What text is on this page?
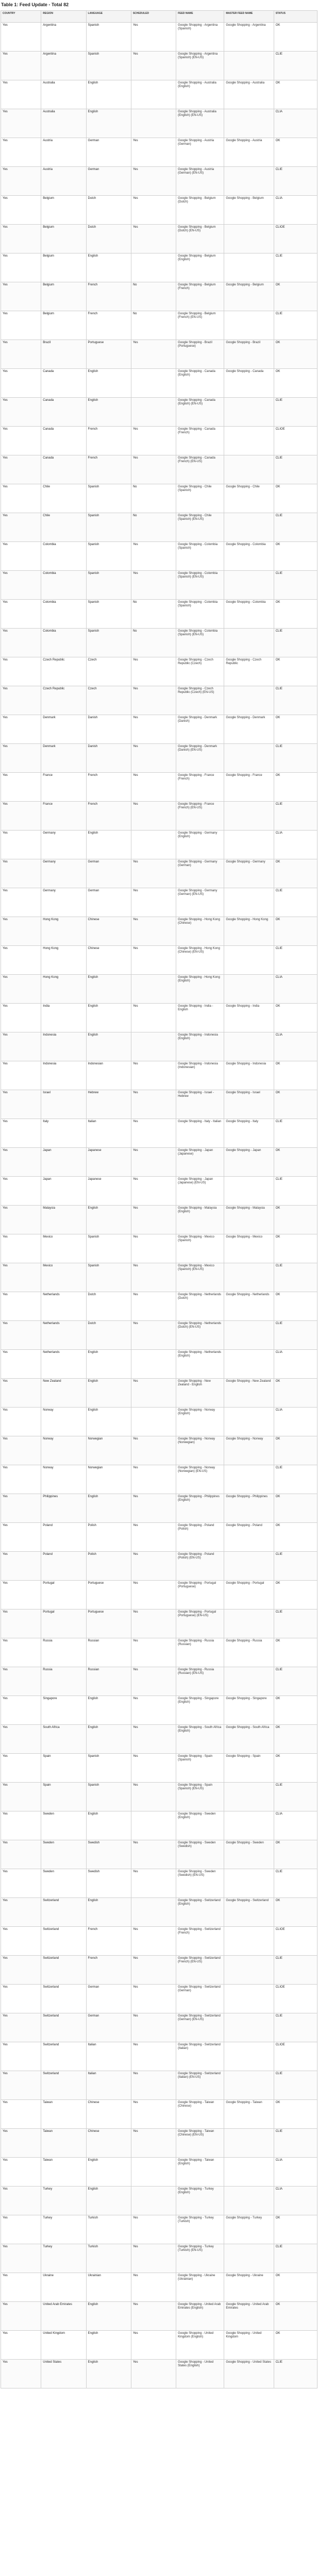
Table 1: Feed Update - Total 82
COUNTRY	REGION	LANGUAGE	SCHEDULED	FEED NAME	MASTER FEED NAME	STATUS
Yes	Argentina	Spanish	Yes	Google Shopping - Argentina (Spanish)	Google Shopping - Argentina	OK
Yes	Argentina	Spanish	Yes	Google Shopping - Argentina (Spanish) (EN-US)		CLIE
Yes	Australia	English		Google Shopping - Australia (English)	Google Shopping - Australia	OK
Yes	Australia	English		Google Shopping - Australia (English) (EN-US)		CLIA
Yes	Austria	German	Yes	Google Shopping - Austria (German)	Google Shopping - Austria	OK
Yes	Austria	German	Yes	Google Shopping - Austria (German) (EN-US)		CLIE
Yes	Belgium	Dutch	Yes	Google Shopping - Belgium (Dutch)	Google Shopping - Belgium	CLIA
Yes	Belgium	Dutch	Yes	Google Shopping - Belgium (Dutch) (EN-US)		CLIOE
Yes	Belgium	English		Google Shopping - Belgium (English)		CLIE
Yes	Belgium	French	No	Google Shopping - Belgium (French)	Google Shopping - Belgium	OK
Yes	Belgium	French	No	Google Shopping - Belgium (French) (EN-US)		CLIE
Yes	Brazil	Portuguese	Yes	Google Shopping - Brazil (Portuguese)	Google Shopping - Brazil	OK
Yes	Canada	English		Google Shopping - Canada (English)	Google Shopping - Canada	OK
Yes	Canada	English		Google Shopping - Canada (English) (EN-US)		CLIE
Yes	Canada	French	Yes	Google Shopping - Canada (French)		CLIOE
Yes	Canada	French	Yes	Google Shopping - Canada (French) (EN-US)		CLIE
Yes	Chile	Spanish	No	Google Shopping - Chile (Spanish)	Google Shopping - Chile	OK
Yes	Chile	Spanish	No	Google Shopping - Chile (Spanish) (EN-US)		CLIE
Yes	Colombia	Spanish	Yes	Google Shopping - Colombia (Spanish)	Google Shopping - Colombia	OK
Yes	Colombia	Spanish	Yes	Google Shopping - Colombia (Spanish) (EN-US)		CLIE
Yes	Colombia	Spanish	No	Google Shopping - Colombia (Spanish)	Google Shopping - Colombia	OK
Yes	Colombia	Spanish	No	Google Shopping - Colombia (Spanish) (EN-US)		CLIE
Yes	Czech Republic	Czech	Yes	Google Shopping - Czech Republic (Czech)	Google Shopping - Czech Republic	OK
Yes	Czech Republic	Czech	Yes	Google Shopping - Czech Republic (Czech) (EN-US)		CLIE
Yes	Denmark	Danish	Yes	Google Shopping - Denmark (Danish)	Google Shopping - Denmark	OK
Yes	Denmark	Danish	Yes	Google Shopping - Denmark (Danish) (EN-US)		CLIE
Yes	France	French	Yes	Google Shopping - France (French)	Google Shopping - France	OK
Yes	France	French	Yes	Google Shopping - France (French) (EN-US)		CLIE
Yes	Germany	English		Google Shopping - Germany (English)		CLIA
Yes	Germany	German	Yes	Google Shopping - Germany (German)	Google Shopping - Germany	OK
Yes	Germany	German	Yes	Google Shopping - Germany (German) (EN-US)		CLIE
Yes	Hong Kong	Chinese	Yes	Google Shopping - Hong Kong (Chinese)	Google Shopping - Hong Kong	OK
Yes	Hong Kong	Chinese	Yes	Google Shopping - Hong Kong (Chinese) (EN-US)		CLIE
Yes	Hong Kong	English		Google Shopping - Hong Kong (English)		CLIA
Yes	India	English	Yes	Google Shopping - India - English	Google Shopping - India	OK
Yes	Indonesia	English		Google Shopping - Indonesia (English)		CLIA
Yes	Indonesia	Indonesian	Yes	Google Shopping - Indonesia (Indonesian)	Google Shopping - Indonesia	OK
Yes	Israel	Hebrew	Yes	Google Shopping - Israel - Hebrew	Google Shopping - Israel	OK
Yes	Italy	Italian	Yes	Google Shopping - Italy - Italian	Google Shopping - Italy	CLIE
Yes	Japan	Japanese	Yes	Google Shopping - Japan (Japanese)	Google Shopping - Japan	OK
Yes	Japan	Japanese	Yes	Google Shopping - Japan (Japanese) (EN-US)		CLIE
Yes	Malaysia	English	Yes	Google Shopping - Malaysia (English)	Google Shopping - Malaysia	OK
Yes	Mexico	Spanish	Yes	Google Shopping - Mexico (Spanish)	Google Shopping - Mexico	OK
Yes	Mexico	Spanish	Yes	Google Shopping - Mexico (Spanish) (EN-US)		CLIE
Yes	Netherlands	Dutch	Yes	Google Shopping - Netherlands (Dutch)	Google Shopping - Netherlands	OK
Yes	Netherlands	Dutch	Yes	Google Shopping - Netherlands (Dutch) (EN-US)		CLIE
Yes	Netherlands	English		Google Shopping - Netherlands (English)		CLIA
Yes	New Zealand	English	Yes	Google Shopping - New Zealand - English	Google Shopping - New Zealand	OK
Yes	Norway	English		Google Shopping - Norway (English)		CLIA
Yes	Norway	Norwegian	Yes	Google Shopping - Norway (Norwegian)	Google Shopping - Norway	OK
Yes	Norway	Norwegian	Yes	Google Shopping - Norway (Norwegian) (EN-US)		CLIE
Yes	Philippines	English	Yes	Google Shopping - Philippines (English)	Google Shopping - Philippines	OK
Yes	Poland	Polish	Yes	Google Shopping - Poland (Polish)	Google Shopping - Poland	OK
Yes	Poland	Polish	Yes	Google Shopping - Poland (Polish) (EN-US)		CLIE
Yes	Portugal	Portuguese	Yes	Google Shopping - Portugal (Portuguese)	Google Shopping - Portugal	OK
Yes	Portugal	Portuguese	Yes	Google Shopping - Portugal (Portuguese) (EN-US)		CLIE
Yes	Russia	Russian	Yes	Google Shopping - Russia (Russian)	Google Shopping - Russia	OK
Yes	Russia	Russian	Yes	Google Shopping - Russia (Russian) (EN-US)		CLIE
Yes	Singapore	English	Yes	Google Shopping - Singapore (English)	Google Shopping - Singapore	OK
Yes	South Africa	English	Yes	Google Shopping - South Africa (English)	Google Shopping - South Africa	OK
Yes	Spain	Spanish	Yes	Google Shopping - Spain (Spanish)	Google Shopping - Spain	OK
Yes	Spain	Spanish	Yes	Google Shopping - Spain (Spanish) (EN-US)		CLIE
Yes	Sweden	English		Google Shopping - Sweden (English)		CLIA
Yes	Sweden	Swedish	Yes	Google Shopping - Sweden (Swedish)	Google Shopping - Sweden	OK
Yes	Sweden	Swedish	Yes	Google Shopping - Sweden (Swedish) (EN-US)		CLIE
Yes	Switzerland	English		Google Shopping - Switzerland (English)	Google Shopping - Switzerland	OK
Yes	Switzerland	French	Yes	Google Shopping - Switzerland (French)		CLIOE
Yes	Switzerland	French	Yes	Google Shopping - Switzerland (French) (EN-US)		CLIE
Yes	Switzerland	German	Yes	Google Shopping - Switzerland (German)		CLIOE
Yes	Switzerland	German	Yes	Google Shopping - Switzerland (German) (EN-US)		CLIE
Yes	Switzerland	Italian	Yes	Google Shopping - Switzerland (Italian)		CLIOE
Yes	Switzerland	Italian	Yes	Google Shopping - Switzerland (Italian) (EN-US)		CLIE
Yes	Taiwan	Chinese	Yes	Google Shopping - Taiwan (Chinese)	Google Shopping - Taiwan	OK
Yes	Taiwan	Chinese	Yes	Google Shopping - Taiwan (Chinese) (EN-US)		CLIE
Yes	Taiwan	English		Google Shopping - Taiwan (English)		CLIA
Yes	Turkey	English		Google Shopping - Turkey (English)		CLIA
Yes	Turkey	Turkish	Yes	Google Shopping - Turkey (Turkish)	Google Shopping - Turkey	OK
Yes	Turkey	Turkish	Yes	Google Shopping - Turkey (Turkish) (EN-US)		CLIE
Yes	Ukraine	Ukrainian	Yes	Google Shopping - Ukraine (Ukrainian)	Google Shopping - Ukraine	OK
Yes	United Arab Emirates	English	Yes	Google Shopping - United Arab Emirates (English)	Google Shopping - United Arab Emirates	OK
Yes	United Kingdom	English	Yes	Google Shopping - United Kingdom (English)	Google Shopping - United Kingdom	OK
Yes	United States	English	Yes	Google Shopping - United States (English)	Google Shopping - United States	CLIE
